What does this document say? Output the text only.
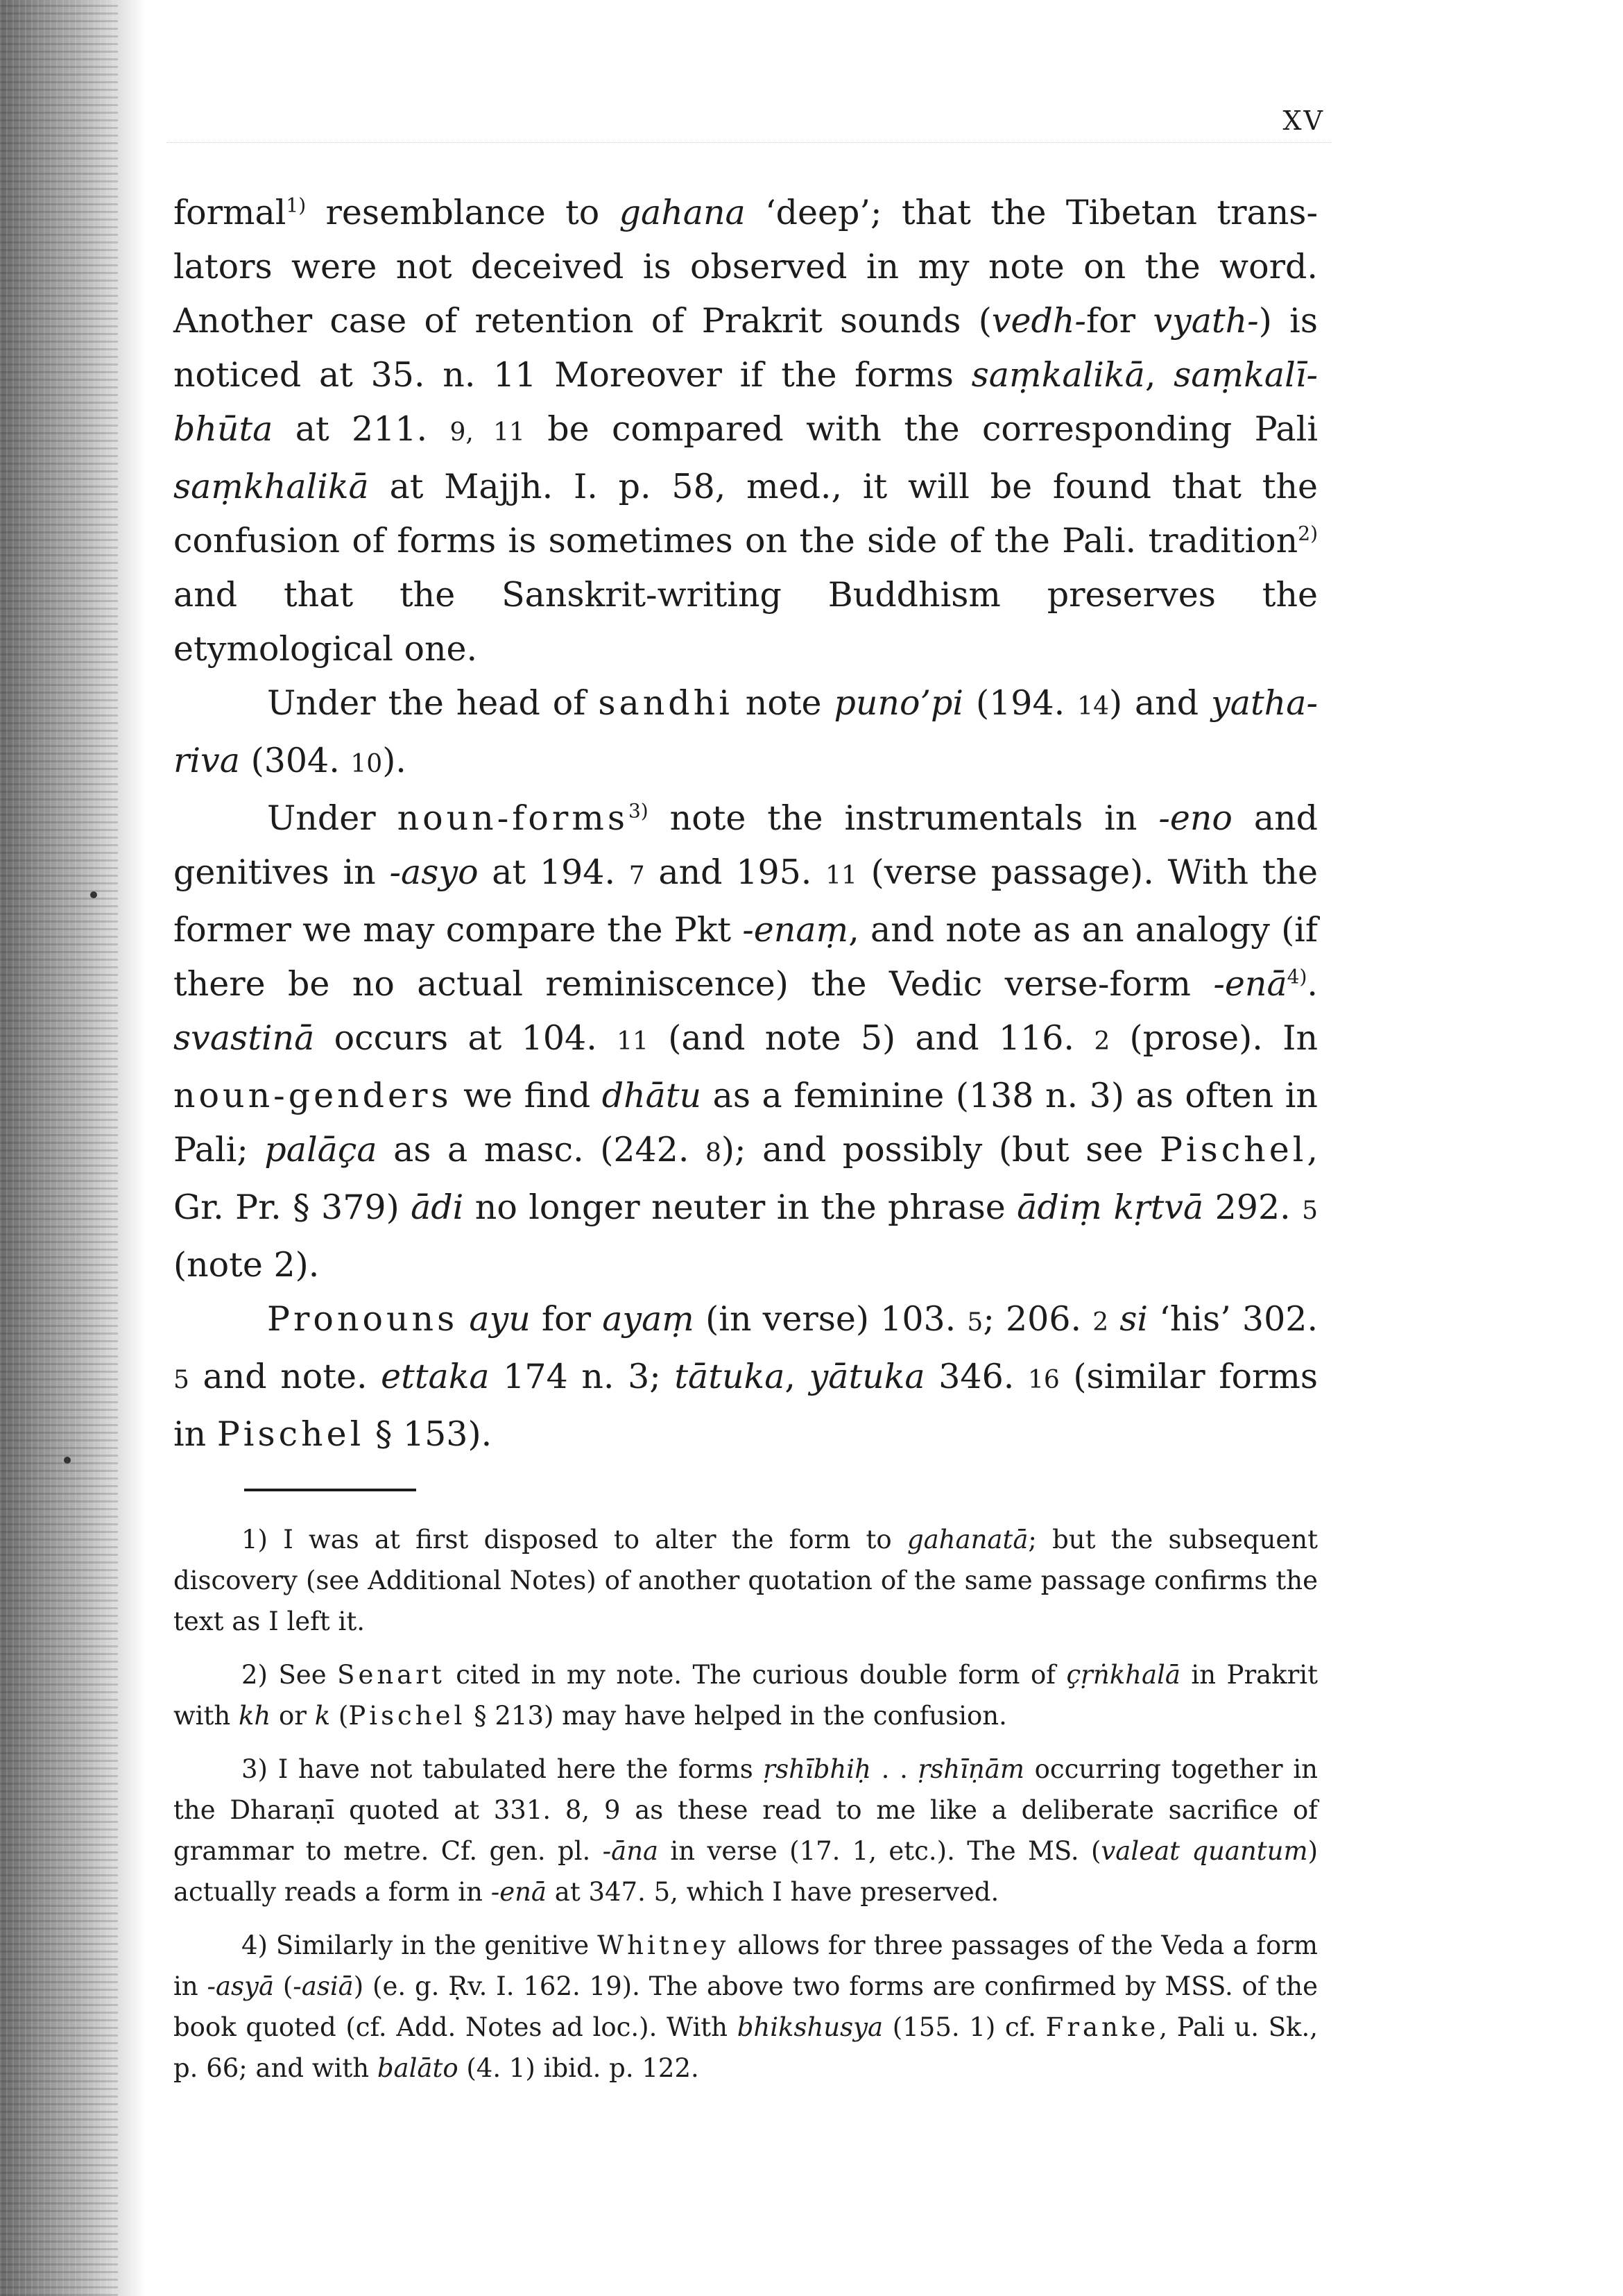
XV

formal$^{1)}$ resemblance to gahana ‘deep’; that the Tibetan translators were not deceived is observed in my note on the word. Another case of retention of Prakrit sounds (vedh-for vyath-) is noticed at 35. n. 11 Moreover if the forms saṃkalikā, saṃkalībhūta at 211. 9, 11 be compared with the corresponding Pali saṃkhalikā at Majjh. I. p. 58, med., it will be found that the confusion of forms is sometimes on the side of the Pali. tradition$^{2)}$ and that the Sanskrit-writing Buddhism preserves the etymological one.

Under the head of sandhi note puno’pi (194. 14) and yathariva (304. 10).

Under noun-forms$^{3)}$ note the instrumentals in -eno and genitives in -asyo at 194. 7 and 195. 11 (verse passage). With the former we may compare the Pkt -enaṃ, and note as an analogy (if there be no actual reminiscence) the Vedic verse-form -enā$^{4)}$. svastinā occurs at 104. 11 (and note 5) and 116. 2 (prose). In noun-genders we find dhātu as a feminine (138 n. 3) as often in Pali; palāça as a masc. (242. 8); and possibly (but see Pischel, Gr. Pr. § 379) ādi no longer neuter in the phrase ādiṃ kṛtvā 292. 5 (note 2).

Pronouns ayu for ayaṃ (in verse) 103. 5; 206. 2 si ‘his’ 302. 5 and note. ettaka 174 n. 3; tātuka, yātuka 346. 16 (similar forms in Pischel § 153).

1) I was at first disposed to alter the form to gahanatā; but the subsequent discovery (see Additional Notes) of another quotation of the same passage confirms the text as I left it.

2) See Senart cited in my note. The curious double form of çṛṅkhalā in Prakrit with kh or k (Pischel § 213) may have helped in the confusion.

3) I have not tabulated here the forms ṛshībhiḥ . . ṛshīṇām occurring together in the Dharaṇī quoted at 331. 8, 9 as these read to me like a deliberate sacrifice of grammar to metre. Cf. gen. pl. -āna in verse (17. 1, etc.). The MS. (valeat quantum) actually reads a form in -enā at 347. 5, which I have preserved.

4) Similarly in the genitive Whitney allows for three passages of the Veda a form in -asyā (-asiā) (e. g. Ṛv. I. 162. 19). The above two forms are confirmed by MSS. of the book quoted (cf. Add. Notes ad loc.). With bhikshusya (155. 1) cf. Franke, Pali u. Sk., p. 66; and with balāto (4. 1) ibid. p. 122.
